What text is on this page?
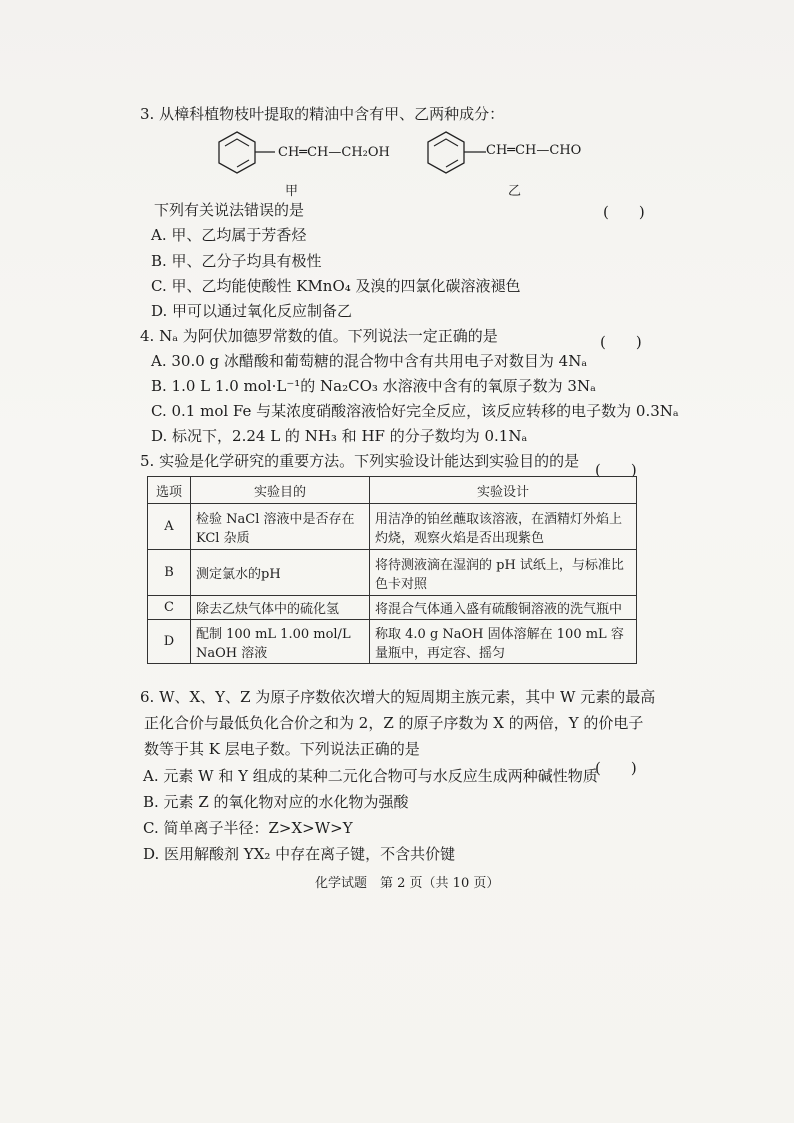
3. 从樟科植物枝叶提取的精油中含有甲、乙两种成分：
CH═CH—CH₂OH
甲
CH═CH—CHO
乙
下列有关说法错误的是	(　　)
A. 甲、乙均属于芳香烃
B. 甲、乙分子均具有极性
C. 甲、乙均能使酸性 KMnO₄ 及溴的四氯化碳溶液褪色
D. 甲可以通过氧化反应制备乙
4. Nₐ 为阿伏加德罗常数的值。下列说法一定正确的是	(　　)
A. 30.0 g 冰醋酸和葡萄糖的混合物中含有共用电子对数目为 4Nₐ
B. 1.0 L 1.0 mol·L⁻¹的 Na₂CO₃ 水溶液中含有的氧原子数为 3Nₐ
C. 0.1 mol Fe 与某浓度硝酸溶液恰好完全反应，该反应转移的电子数为 0.3Nₐ
D. 标况下，2.24 L 的 NH₃ 和 HF 的分子数均为 0.1Nₐ
5. 实验是化学研究的重要方法。下列实验设计能达到实验目的的是 (　　)
选项	实验目的	实验设计
A	检验 NaCl 溶液中是否存在 KCl 杂质	用洁净的铂丝蘸取该溶液，在酒精灯外焰上灼烧，观察火焰是否出现紫色
B	测定氯水的pH	将待测液滴在湿润的 pH 试纸上，与标准比色卡对照
C	除去乙炔气体中的硫化氢	将混合气体通入盛有硫酸铜溶液的洗气瓶中
D	配制 100 mL 1.00 mol/L NaOH 溶液	称取 4.0 g NaOH 固体溶解在 100 mL 容量瓶中，再定容、摇匀
6. W、X、Y、Z 为原子序数依次增大的短周期主族元素，其中 W 元素的最高
正化合价与最低负化合价之和为 2，Z 的原子序数为 X 的两倍，Y 的价电子
数等于其 K 层电子数。下列说法正确的是
(　　)
A. 元素 W 和 Y 组成的某种二元化合物可与水反应生成两种碱性物质
B. 元素 Z 的氧化物对应的水化物为强酸
C. 简单离子半径：Z>X>W>Y
D. 医用解酸剂 YX₂ 中存在离子键，不含共价键
化学试题　第 2 页（共 10 页）
